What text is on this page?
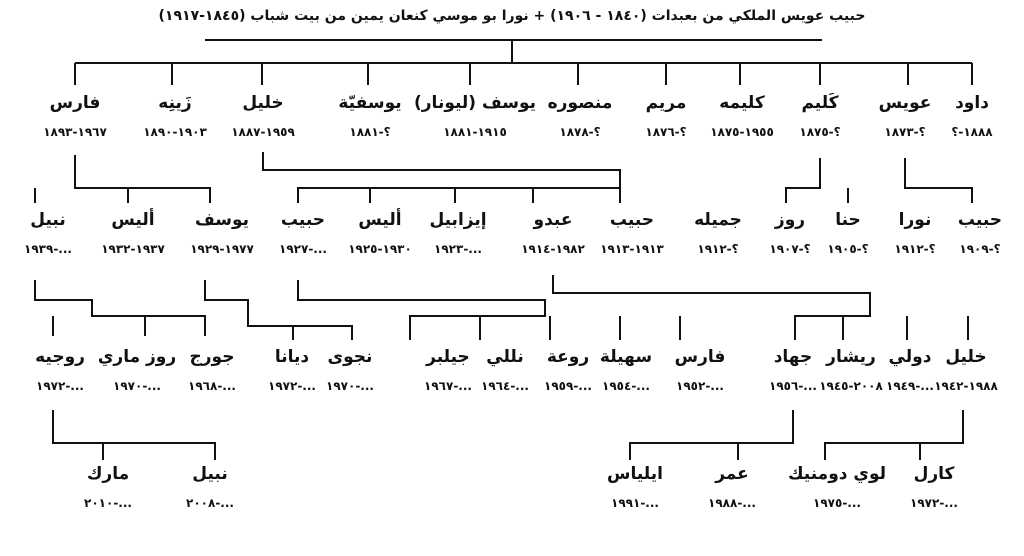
حبيب عويس الملكي من بعبدات (١٨٤٠ - ١٩٠٦) + نورا بو موسي كنعان يمين من بيت شباب (١٨٤٥-١٩١٧)
داود
١٨٨٨-؟
عويس
؟-١٨٧٣
كَليم
؟-١٨٧٥
كليمه
١٩٥٥-١٨٧٥
مريم
؟-١٨٧٦
منصوره
؟-١٨٧٨
يوسف (ليونار)
١٩١٥-١٨٨١
يوسفيّة
؟-١٨٨١
خليل
١٩٥٩-١٨٨٧
زَينِه
١٩٠٣-١٨٩٠
فارس
١٩٦٧-١٨٩٣
حبيب
؟-١٩٠٩
نورا
؟-١٩١٢
حنا
؟-١٩٠٥
روز
؟-١٩٠٧
جميله
؟-١٩١٢
حبيب
١٩١٣-١٩١٣
عبدو
١٩٨٢-١٩١٤
إيزابيل
...-١٩٢٣
أليس
١٩٣٠-١٩٢٥
حبيب
...-١٩٢٧
يوسف
١٩٧٧-١٩٢٩
أليس
١٩٣٧-١٩٣٢
نبيل
...-١٩٣٩
خليل
١٩٨٨-١٩٤٢
دولي
...-١٩٤٩
ريشار
٢٠٠٨-١٩٤٥
جهاد
...-١٩٥٦
فارس
...-١٩٥٢
سهيلة
...-١٩٥٤
روعة
...-١٩٥٩
نللي
...-١٩٦٤
جيلبر
...-١٩٦٧
نجوى
...-١٩٧٠
ديانا
...-١٩٧٢
جورج
...-١٩٦٨
روز ماري
...-١٩٧٠
روجيه
...-١٩٧٢
كارل
...-١٩٧٢
لوي دومنيك
...-١٩٧٥
عمر
...-١٩٨٨
ايلياس
...-١٩٩١
نبيل
...-٢٠٠٨
مارك
...-٢٠١٠
